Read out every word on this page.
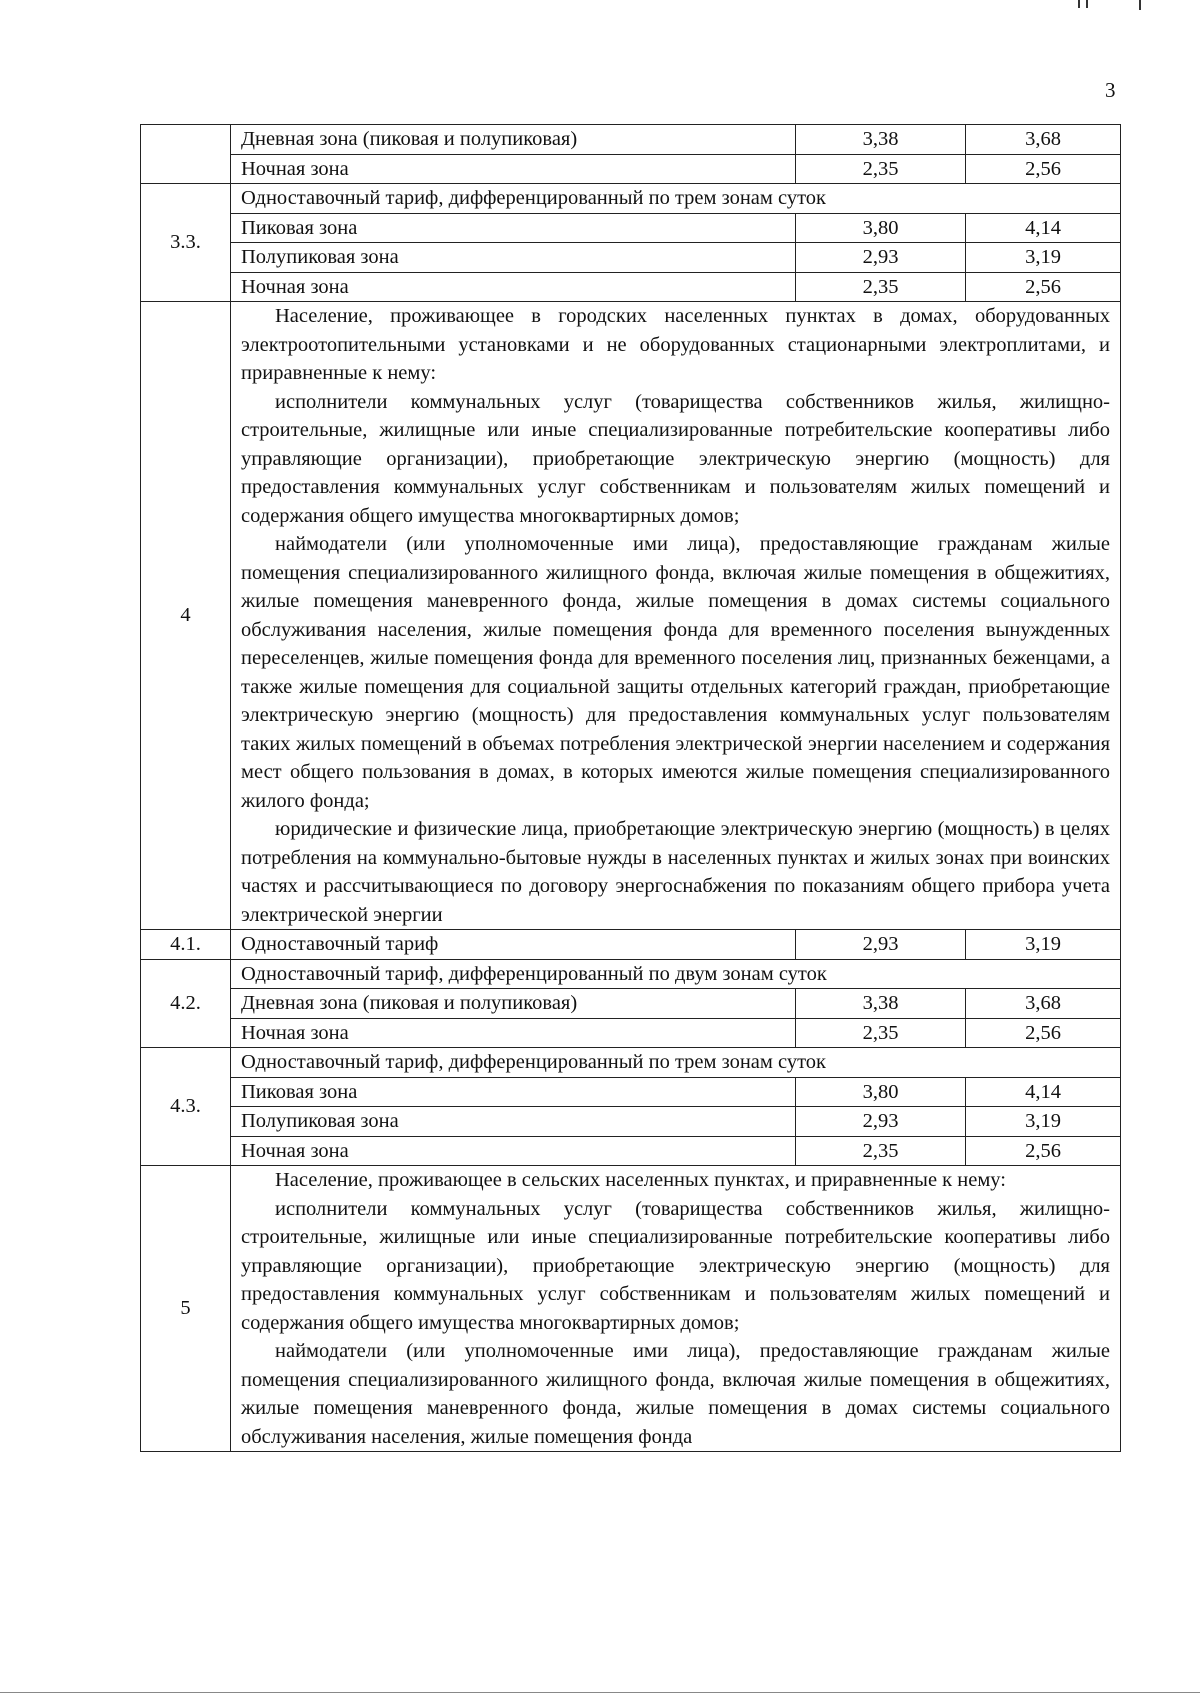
3
	Дневная зона (пиковая и полупиковая)	3,38	3,68
	Ночная зона	2,35	2,56
3.3.	Одноставочный тариф, дифференцированный по трем зонам суток		
	Пиковая зона	3,80	4,14
	Полупиковая зона	2,93	3,19
	Ночная зона	2,35	2,56
4	Население, проживающее в городских населенных пунктах в домах, оборудованных электроотопительными установками и не оборудованных стационарными электроплитами, и приравненные к нему:

исполнители коммунальных услуг (товарищества собственников жилья, жилищно-строительные, жилищные или иные специализированные потребительские кооперативы либо управляющие организации), приобретающие электрическую энергию (мощность) для предоставления коммунальных услуг собственникам и пользователям жилых помещений и содержания общего имущества многоквартирных домов;

наймодатели (или уполномоченные ими лица), предоставляющие гражданам жилые помещения специализированного жилищного фонда, включая жилые помещения в общежитиях, жилые помещения маневренного фонда, жилые помещения в домах системы социального обслуживания населения, жилые помещения фонда для временного поселения вынужденных переселенцев, жилые помещения фонда для временного поселения лиц, признанных беженцами, а также жилые помещения для социальной защиты отдельных категорий граждан, приобретающие электрическую энергию (мощность) для предоставления коммунальных услуг пользователям таких жилых помещений в объемах потребления электрической энергии населением и содержания мест общего пользования в домах, в которых имеются жилые помещения специализированного жилого фонда;

юридические и физические лица, приобретающие электрическую энергию (мощность) в целях потребления на коммунально-бытовые нужды в населенных пунктах и жилых зонах при воинских частях и рассчитывающиеся по договору энергоснабжения по показаниям общего прибора учета электрической энергии		

4.1.	Одноставочный тариф	2,93	3,19
4.2.	Одноставочный тариф, дифференцированный по двум зонам суток		
	Дневная зона (пиковая и полупиковая)	3,38	3,68
	Ночная зона	2,35	2,56
4.3.	Одноставочный тариф, дифференцированный по трем зонам суток		
	Пиковая зона	3,80	4,14
	Полупиковая зона	2,93	3,19
	Ночная зона	2,35	2,56
5	Население, проживающее в сельских населенных пунктах, и приравненные к нему:

исполнители коммунальных услуг (товарищества собственников жилья, жилищно-строительные, жилищные или иные специализированные потребительские кооперативы либо управляющие организации), приобретающие электрическую энергию (мощность) для предоставления коммунальных услуг собственникам и пользователям жилых помещений и содержания общего имущества многоквартирных домов;

наймодатели (или уполномоченные ими лица), предоставляющие гражданам жилые помещения специализированного жилищного фонда, включая жилые помещения в общежитиях, жилые помещения маневренного фонда, жилые помещения в домах системы социального обслуживания населения, жилые помещения фонда		
